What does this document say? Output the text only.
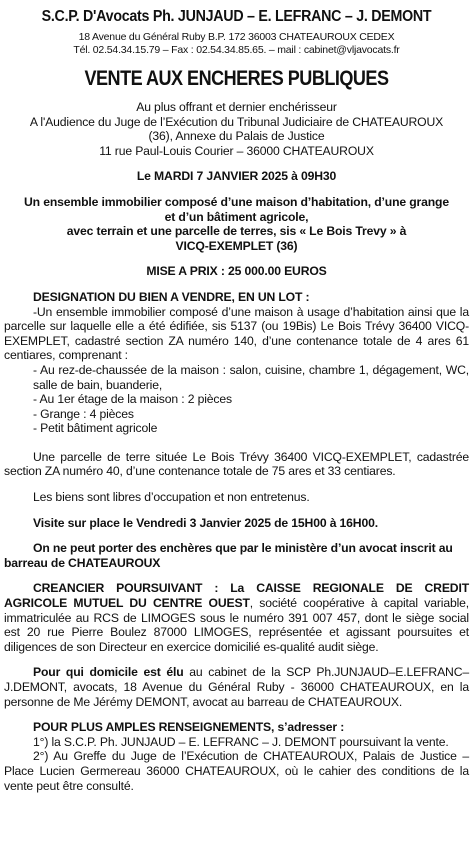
S.C.P. D'Avocats Ph. JUNJAUD – E. LEFRANC – J. DEMONT
18 Avenue du Général Ruby B.P. 172 36003 CHATEAUROUX CEDEX
Tél. 02.54.34.15.79 – Fax : 02.54.34.85.65. – mail : cabinet@vljavocats.fr
VENTE AUX ENCHERES PUBLIQUES

Au plus offrant et dernier enchérisseur

A l'Audience du Juge de l’Exécution du Tribunal Judiciaire de CHATEAUROUX

(36), Annexe du Palais de Justice

11 rue Paul-Louis Courier – 36000 CHATEAUROUX

Le MARDI 7 JANVIER 2025 à 09H30

Un ensemble immobilier composé d’une maison d’habitation, d’une grange

et d’un bâtiment agricole,

avec terrain et une parcelle de terres, sis « Le Bois Trevy » à

VICQ-EXEMPLET (36)

MISE A PRIX : 25 000.00 EUROS

DESIGNATION DU BIEN A VENDRE, EN UN LOT :

-Un ensemble immobilier composé d’une maison à usage d’habitation ainsi que la parcelle sur laquelle elle a été édifiée, sis 5137 (ou 19Bis) Le Bois Trévy 36400 VICQ-EXEMPLET, cadastré section ZA numéro 140, d’une contenance totale de 4 ares 61 centiares, comprenant :

- Au rez-de-chaussée de la maison : salon, cuisine, chambre 1, dégagement, WC, salle de bain, buanderie,

- Au 1er étage de la maison : 2 pièces

- Grange : 4 pièces

- Petit bâtiment agricole

Une parcelle de terre située Le Bois Trévy 36400 VICQ-EXEMPLET, cadastrée section ZA numéro 40, d’une contenance totale de 75 ares et 33 centiares.

Les biens sont libres d’occupation et non entretenus.

Visite sur place le Vendredi 3 Janvier 2025 de 15H00 à 16H00.

On ne peut porter des enchères que par le ministère d’un avocat inscrit au barreau de CHATEAUROUX

CREANCIER POURSUIVANT : La CAISSE REGIONALE DE CREDIT AGRICOLE MUTUEL DU CENTRE OUEST, société coopérative à capital variable, immatriculée au RCS de LIMOGES sous le numéro 391 007 457, dont le siège social est 20 rue Pierre Boulez 87000 LIMOGES, représentée et agissant poursuites et diligences de son Directeur en exercice domicilié es-qualité audit siège.

Pour qui domicile est élu au cabinet de la SCP Ph.JUNJAUD–E.LEFRANC–J.DEMONT, avocats, 18 Avenue du Général Ruby - 36000 CHATEAUROUX, en la personne de Me Jérémy DEMONT, avocat au barreau de CHATEAUROUX.

POUR PLUS AMPLES RENSEIGNEMENTS, s’adresser :

1°) la S.C.P. Ph. JUNJAUD – E. LEFRANC – J. DEMONT poursuivant la vente.

2°) Au Greffe du Juge de l’Exécution de CHATEAUROUX, Palais de Justice – Place Lucien Germereau 36000 CHATEAUROUX, où le cahier des conditions de la vente peut être consulté.
